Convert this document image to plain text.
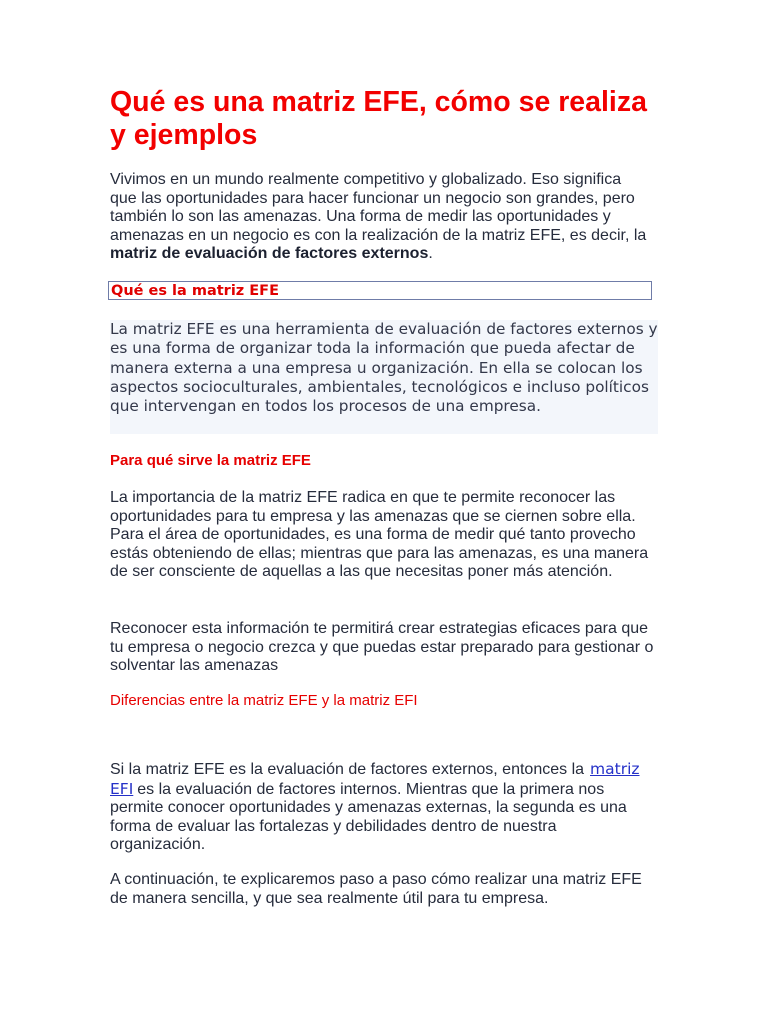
Qué es una matriz EFE, cómo se realiza y ejemplos

Vivimos en un mundo realmente competitivo y globalizado. Eso significa que las oportunidades para hacer funcionar un negocio son grandes, pero también lo son las amenazas. Una forma de medir las oportunidades y amenazas en un negocio es con la realización de la matriz EFE, es decir, la matriz de evaluación de factores externos.

Qué es la matriz EFE

La matriz EFE es una herramienta de evaluación de factores externos y es una forma de organizar toda la información que pueda afectar de manera externa a una empresa u organización. En ella se colocan los aspectos socioculturales, ambientales, tecnológicos e incluso políticos que intervengan en todos los procesos de una empresa.

Para qué sirve la matriz EFE

La importancia de la matriz EFE radica en que te permite reconocer las oportunidades para tu empresa y las amenazas que se ciernen sobre ella. Para el área de oportunidades, es una forma de medir qué tanto provecho estás obteniendo de ellas; mientras que para las amenazas, es una manera de ser consciente de aquellas a las que necesitas poner más atención.

Reconocer esta información te permitirá crear estrategias eficaces para que tu empresa o negocio crezca y que puedas estar preparado para gestionar o solventar las amenazas

Diferencias entre la matriz EFE y la matriz EFI

Si la matriz EFE es la evaluación de factores externos, entonces la matriz EFI es la evaluación de factores internos. Mientras que la primera nos permite conocer oportunidades y amenazas externas, la segunda es una forma de evaluar las fortalezas y debilidades dentro de nuestra organización.

A continuación, te explicaremos paso a paso cómo realizar una matriz EFE de manera sencilla, y que sea realmente útil para tu empresa.
